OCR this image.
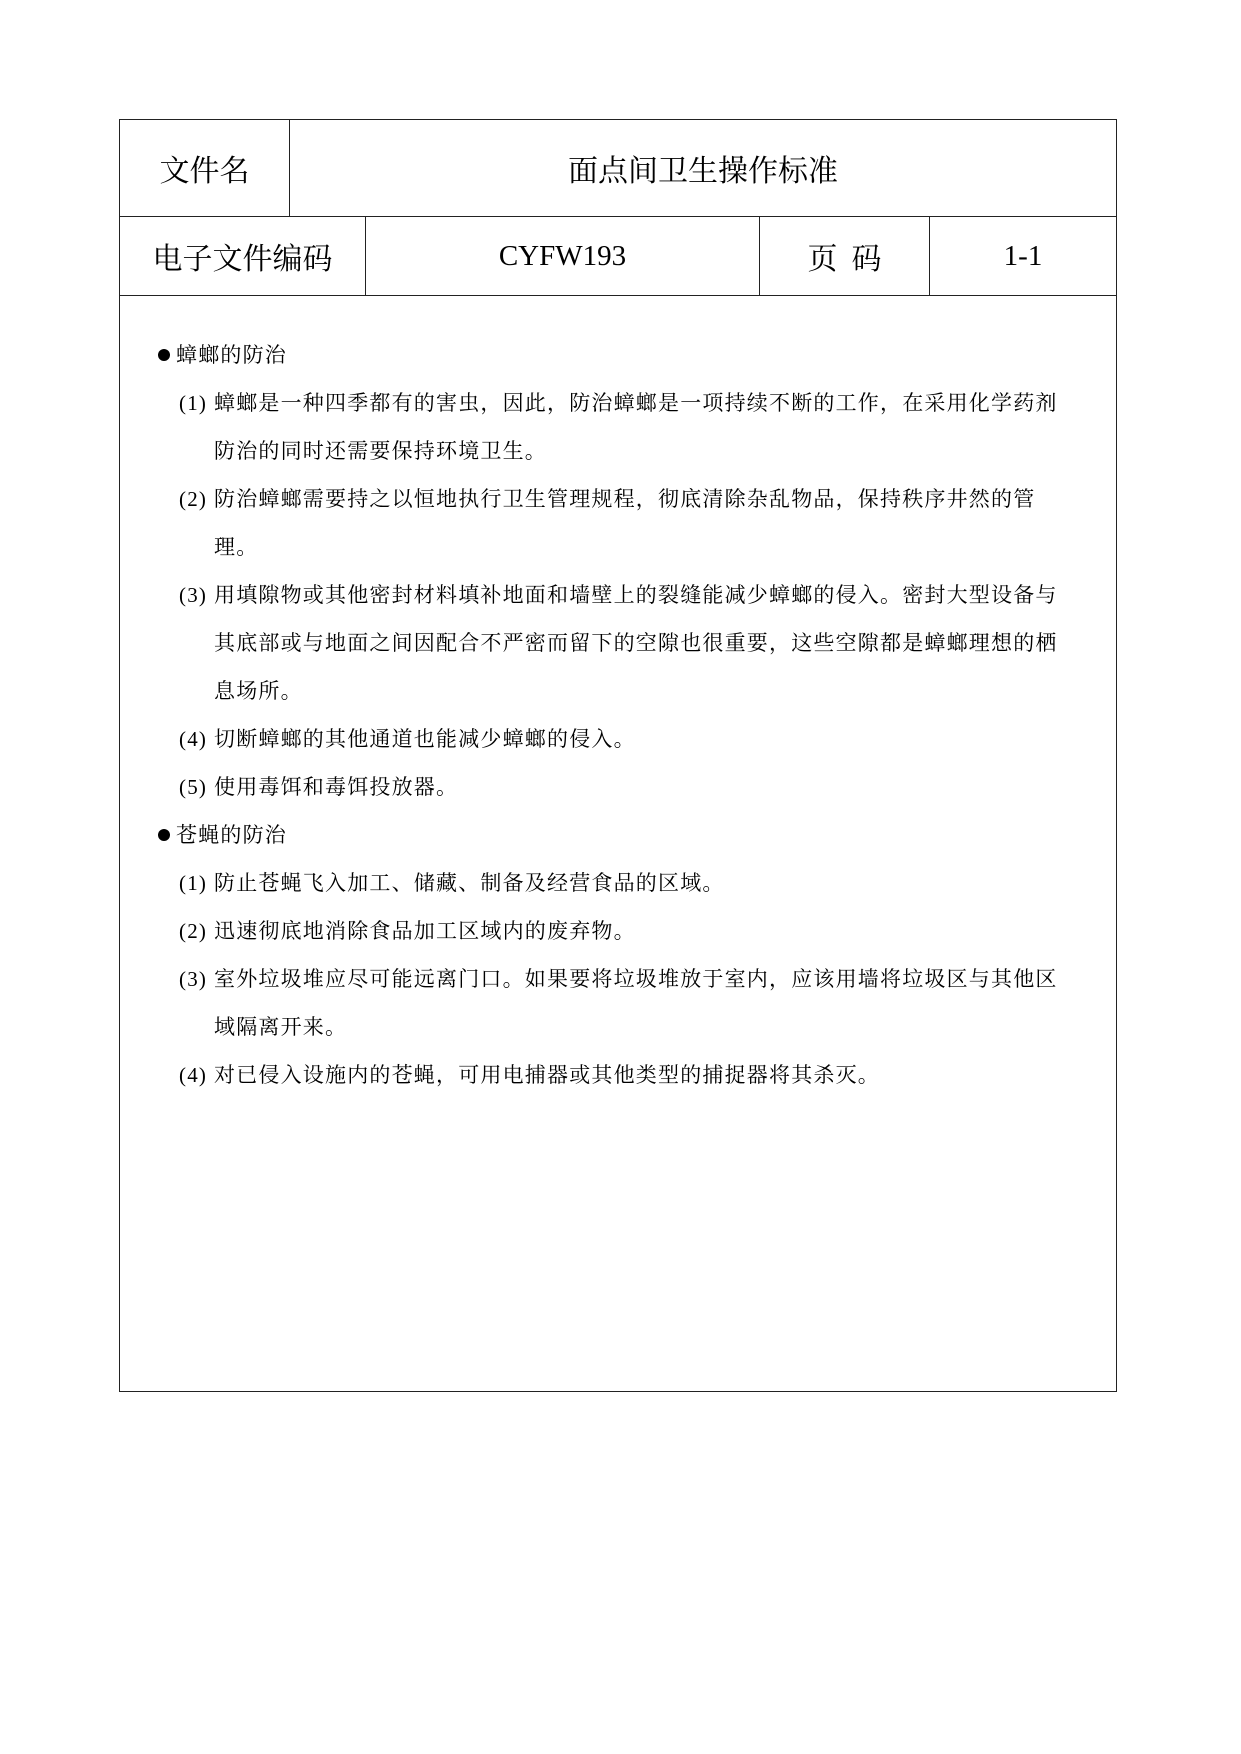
文件名	面点间卫生操作标准
电子文件编码	CYFW193	页码	1-1
蟑螂的防治
(1) 蟑螂是一种四季都有的害虫，因此，防治蟑螂是一项持续不断的工作，在采用化学药剂防治的同时还需要保持环境卫生。
(2) 防治蟑螂需要持之以恒地执行卫生管理规程，彻底清除杂乱物品，保持秩序井然的管理。
(3) 用填隙物或其他密封材料填补地面和墙壁上的裂缝能减少蟑螂的侵入。密封大型设备与其底部或与地面之间因配合不严密而留下的空隙也很重要，这些空隙都是蟑螂理想的栖息场所。
(4) 切断蟑螂的其他通道也能减少蟑螂的侵入。
(5) 使用毒饵和毒饵投放器。
苍蝇的防治
(1) 防止苍蝇飞入加工、储藏、制备及经营食品的区域。
(2) 迅速彻底地消除食品加工区域内的废弃物。
(3) 室外垃圾堆应尽可能远离门口。如果要将垃圾堆放于室内，应该用墙将垃圾区与其他区域隔离开来。
(4) 对已侵入设施内的苍蝇，可用电捕器或其他类型的捕捉器将其杀灭。
